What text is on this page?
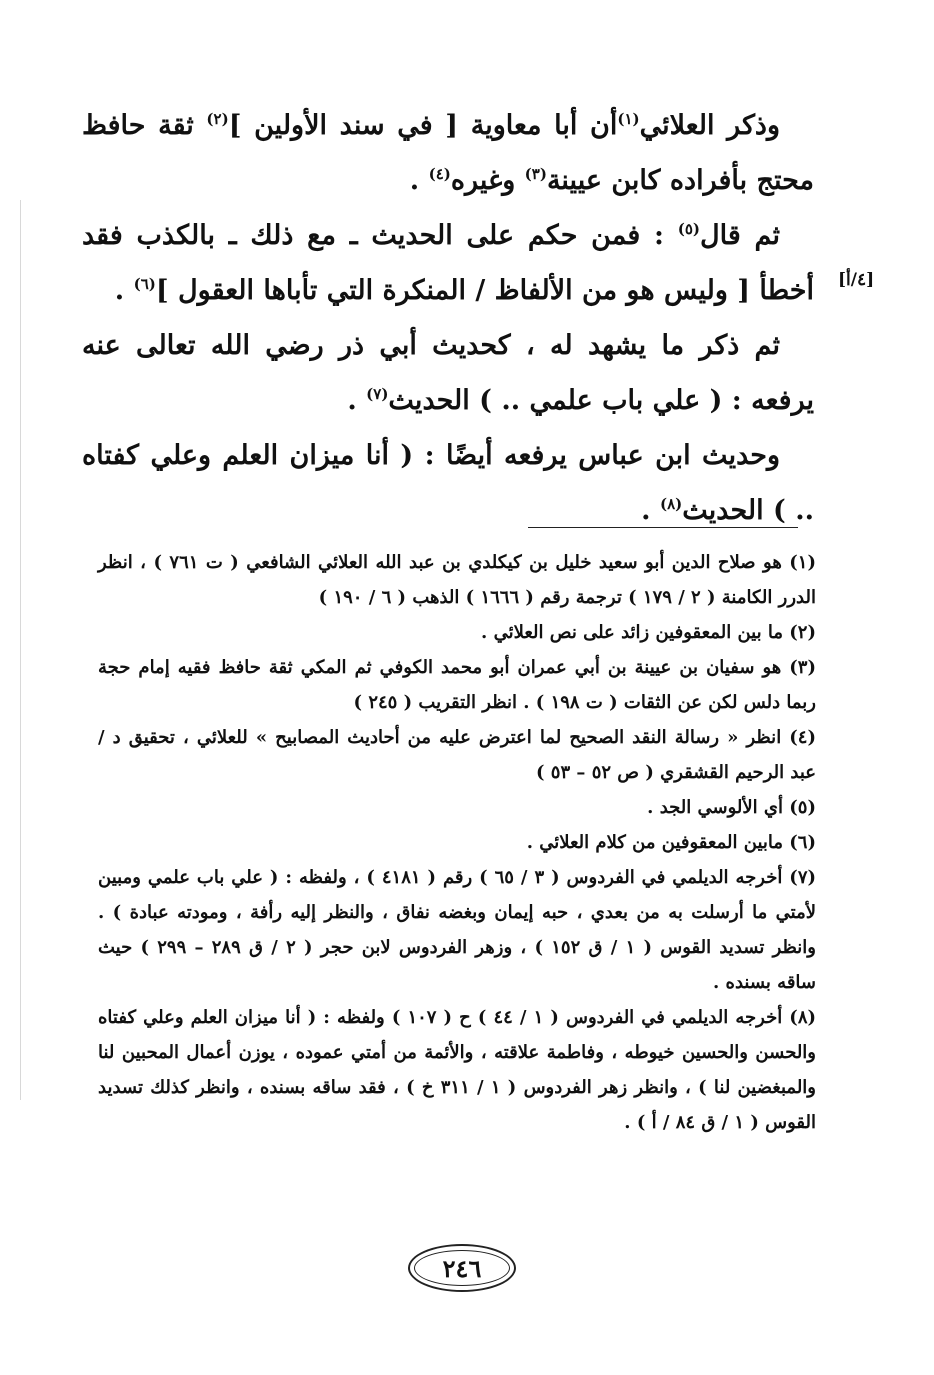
وذكر العلائي$^{(١)}$أن أبا معاوية [ في سند الأولين ]$^{(٢)}$ ثقة حافظ محتج بأفراده كابن عيينة$^{(٣)}$ وغيره$^{(٤)}$ .

ثم قال$^{(٥)}$ : فمن حكم على الحديث ـ مع ذلك ـ بالكذب فقد أخطأ [ وليس هو من الألفاظ / المنكرة التي تأباها العقول ]$^{(٦)}$ .

ثم ذكر ما يشهد له ، كحديث أبي ذر رضي الله تعالى عنه يرفعه : ( علي باب علمي .. ) الحديث$^{(٧)}$ .

وحديث ابن عباس يرفعه أيضًا : ( أنا ميزان العلم وعلي كفتاه .. ) الحديث$^{(٨)}$ .

[٤/أ]

(١) هو صلاح الدين أبو سعيد خليل بن كيكلدي بن عبد الله العلائي الشافعي ( ت ٧٦١ ) ، انظر الدرر الكامنة ( ٢ / ١٧٩ ) ترجمة رقم ( ١٦٦٦ ) الذهب ( ٦ / ١٩٠ )

(٢) ما بين المعقوفين زائد على نص العلائي .

(٣) هو سفيان بن عيينة بن أبي عمران أبو محمد الكوفي ثم المكي ثقة حافظ فقيه إمام حجة ربما دلس لكن عن الثقات ( ت ١٩٨ ) . انظر التقريب ( ٢٤٥ )

(٤) انظر « رسالة النقد الصحيح لما اعترض عليه من أحاديث المصابيح » للعلائي ، تحقيق د / عبد الرحيم القشقري ( ص ٥٢ – ٥٣ )

(٥) أي الألوسي الجد .

(٦) مابين المعقوفين من كلام العلائي .

(٧) أخرجه الديلمي في الفردوس ( ٣ / ٦٥ ) رقم ( ٤١٨١ ) ، ولفظه : ( علي باب علمي ومبين لأمتي ما أرسلت به من بعدي ، حبه إيمان وبغضه نفاق ، والنظر إليه رأفة ، ومودته عبادة ) . وانظر تسديد القوس ( ١ / ق ١٥٢ ) ، وزهر الفردوس لابن حجر ( ٢ / ق ٢٨٩ – ٢٩٩ ) حيث ساقه بسنده .

(٨) أخرجه الديلمي في الفردوس ( ١ / ٤٤ ) ح ( ١٠٧ ) ولفظه : ( أنا ميزان العلم وعلي كفتاه والحسن والحسين خيوطه ، وفاطمة علاقته ، والأئمة من أمتي عموده ، يوزن أعمال المحبين لنا والمبغضين لنا ) ، وانظر زهر الفردوس ( ١ / ٣١١ خ ) ، فقد ساقه بسنده ، وانظر كذلك تسديد القوس ( ١ / ق ٨٤ / أ ) .

٢٤٦
